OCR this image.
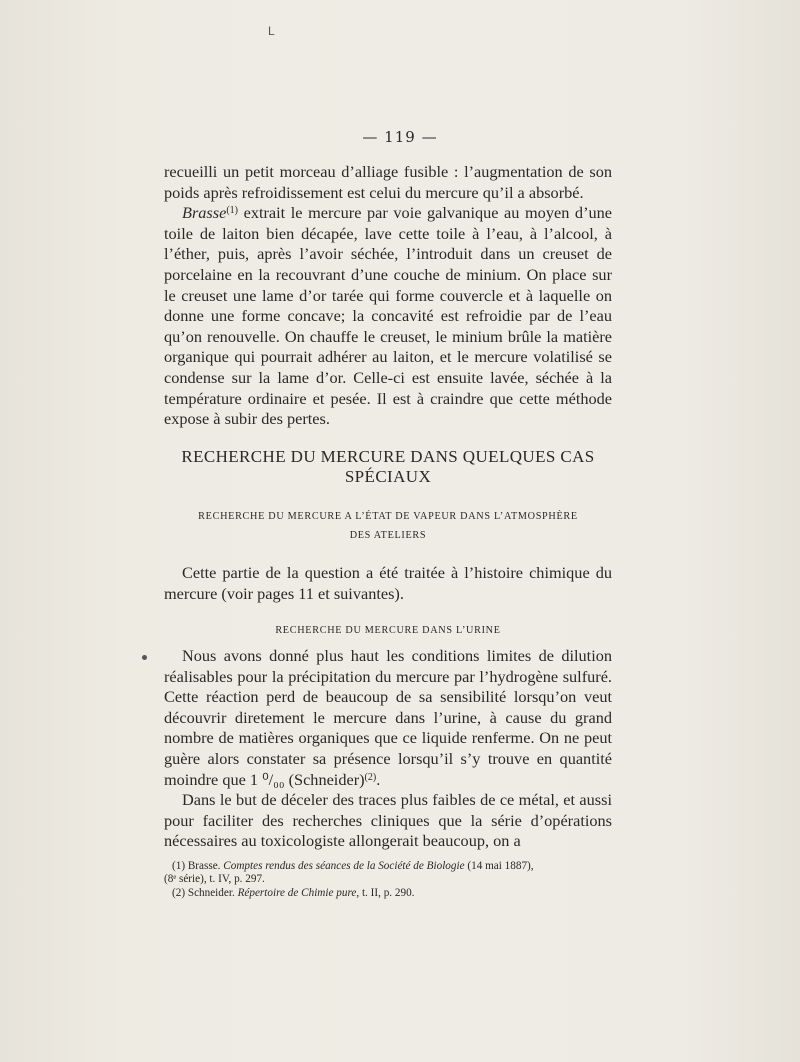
L
— 119 —

recueilli un petit morceau d’alliage fusible : l’augmentation de son poids après refroidissement est celui du mercure qu’il a absorbé.

Brasse$^{(1)}$ extrait le mercure par voie galvanique au moyen d’une toile de laiton bien décapée, lave cette toile à l’eau, à l’alcool, à l’éther, puis, après l’avoir séchée, l’introduit dans un creuset de porcelaine en la recouvrant d’une couche de minium. On place sur le creuset une lame d’or tarée qui forme couvercle et à laquelle on donne une forme concave; la concavité est refroidie par de l’eau qu’on renouvelle. On chauffe le creuset, le minium brûle la matière organique qui pourrait adhérer au laiton, et le mercure volatilisé se condense sur la lame d’or. Celle-ci est ensuite lavée, séchée à la température ordinaire et pesée. Il est à craindre que cette méthode expose à subir des pertes.

RECHERCHE DU MERCURE DANS QUELQUES CAS
SPÉCIAUX
RECHERCHE DU MERCURE A L’ÉTAT DE VAPEUR DANS L’ATMOSPHÈRE
DES ATELIERS

Cette partie de la question a été traitée à l’histoire chimique du mercure (voir pages 11 et suivantes).

RECHERCHE DU MERCURE DANS L’URINE

Nous avons donné plus haut les conditions limites de dilution réalisables pour la précipitation du mercure par l’hydrogène sulfuré. Cette réaction perd de beaucoup de sa sensibilité lorsqu’on veut découvrir diretement le mercure dans l’urine, à cause du grand nombre de matières organiques que ce liquide renferme. On ne peut guère alors constater sa présence lorsqu’il s’y trouve en quantité moindre que 1 ⁰/₀₀ (Schneider)$^{(2)}$.

Dans le but de déceler des traces plus faibles de ce métal, et aussi pour faciliter des recherches cliniques que la série d’opérations nécessaires au toxicologiste allongerait beaucoup, on a

(1) Brasse. Comptes rendus des séances de la Société de Biologie (14 mai 1887),

(8ᵉ série), t. IV, p. 297.

(2) Schneider. Répertoire de Chimie pure, t. II, p. 290.
